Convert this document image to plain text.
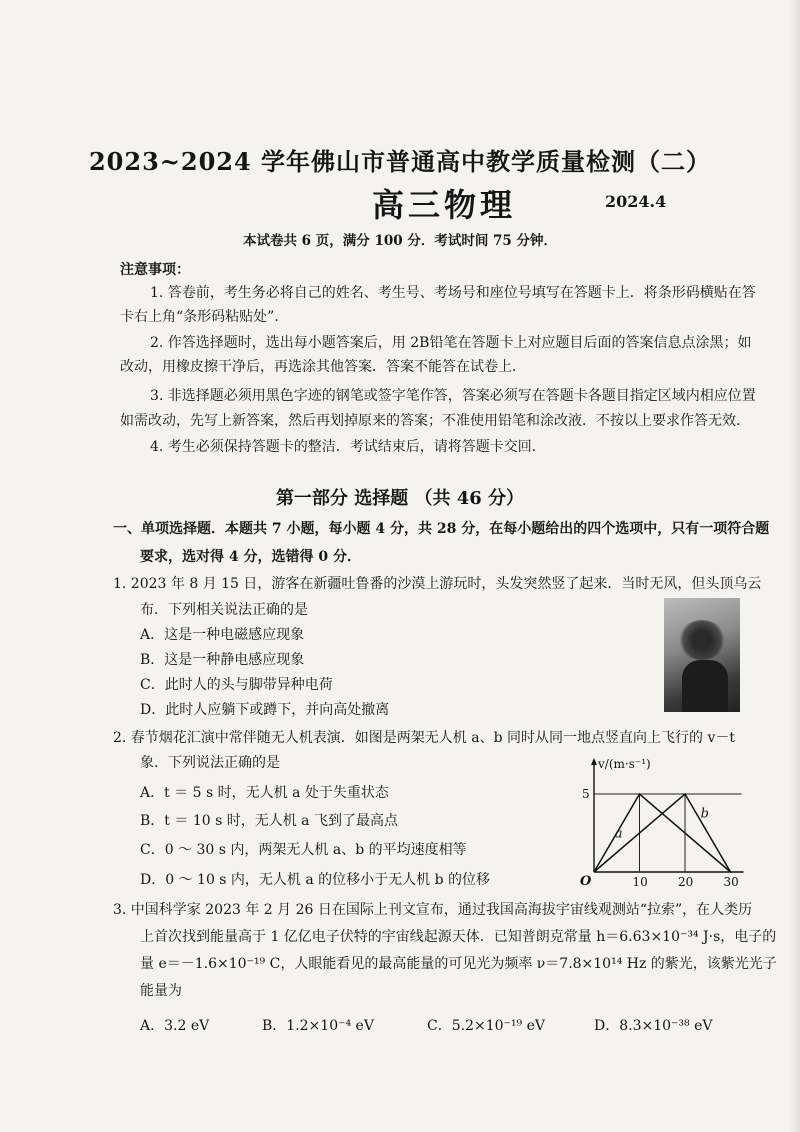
2023~2024 学年佛山市普通高中教学质量检测（二）
高三物理	2024.4
本试卷共 6 页，满分 100 分．考试时间 75 分钟．
注意事项：
1. 答卷前，考生务必将自己的姓名、考生号、考场号和座位号填写在答题卡上．将条形码横贴在答
卡右上角“条形码粘贴处”．
2. 作答选择题时，选出每小题答案后，用 2B铅笔在答题卡上对应题目后面的答案信息点涂黑；如
改动，用橡皮擦干净后，再选涂其他答案．答案不能答在试卷上．
3. 非选择题必须用黑色字迹的钢笔或签字笔作答，答案必须写在答题卡各题目指定区域内相应位置
如需改动，先写上新答案，然后再划掉原来的答案；不准使用铅笔和涂改液．不按以上要求作答无效．
4. 考生必须保持答题卡的整洁．考试结束后，请将答题卡交回．
第一部分 选择题 （共 46 分）
一、单项选择题．本题共 7 小题，每小题 4 分，共 28 分，在每小题给出的四个选项中，只有一项符合题
要求，选对得 4 分，选错得 0 分．
1. 2023 年 8 月 15 日，游客在新疆吐鲁番的沙漠上游玩时，头发突然竖了起来．当时无风，但头顶乌云
布．下列相关说法正确的是
A．这是一种电磁感应现象
B．这是一种静电感应现象
C．此时人的头与脚带异种电荷
D．此时人应躺下或蹲下，并向高处撤离
2. 春节烟花汇演中常伴随无人机表演．如图是两架无人机 a、b 同时从同一地点竖直向上飞行的 v－t
象．下列说法正确的是
A．t ＝ 5 s 时，无人机 a 处于失重状态
B．t ＝ 10 s 时，无人机 a 飞到了最高点
C．0 ～ 30 s 内，两架无人机 a、b 的平均速度相等
D．0 ～ 10 s 内，无人机 a 的位移小于无人机 b 的位移
v/(m·s⁻¹)
O
5
10	20	30
a
b
3. 中国科学家 2023 年 2 月 26 日在国际上刊文宣布，通过我国高海拔宇宙线观测站“拉索”，在人类历
上首次找到能量高于 1 亿亿电子伏特的宇宙线起源天体．已知普朗克常量 h＝6.63×10⁻³⁴ J·s，电子的
量 e＝－1.6×10⁻¹⁹ C，人眼能看见的最高能量的可见光为频率 ν＝7.8×10¹⁴ Hz 的紫光，该紫光光子
能量为
A．3.2 eV	B．1.2×10⁻⁴ eV	C．5.2×10⁻¹⁹ eV	D．8.3×10⁻³⁸ eV
